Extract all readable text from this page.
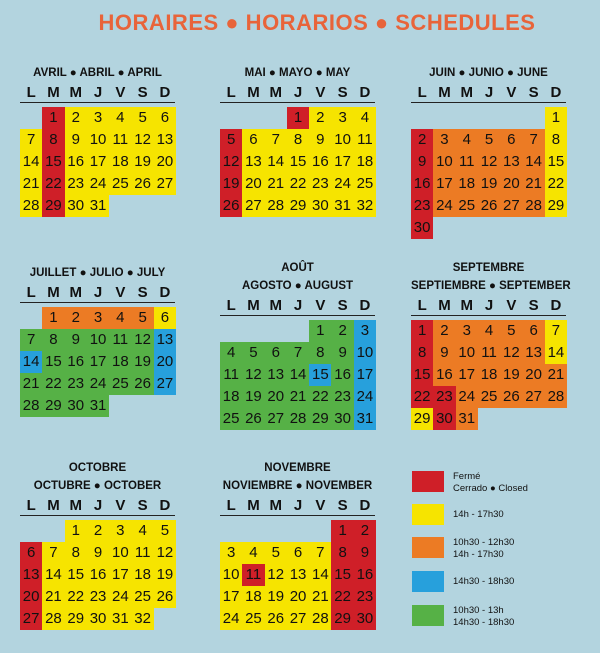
HORAIRES ● HORARIOS ● SCHEDULES
AVRIL ● ABRIL ● APRIL
L M M J V S D
1 2 3 4 5 6
7 8 9 10 11 12 13
14 15 16 17 18 19 20
21 22 23 24 25 26 27
28 29 30 31
MAI ● MAYO ● MAY
L M M J V S D
1 2 3 4
5 6 7 8 9 10 11
12 13 14 15 16 17 18
19 20 21 22 23 24 25
26 27 28 29 30 31 32
JUIN ● JUNIO ● JUNE
L M M J V S D
1
2 3 4 5 6 7 8
9 10 11 12 13 14 15
16 17 18 19 20 21 22
23 24 25 26 27 28 29
30
JUILLET ● JULIO ● JULY
L M M J V S D
1 2 3 4 5 6
7 8 9 10 11 12 13
14 15 16 17 18 19 20
21 22 23 24 25 26 27
28 29 30 31
AOÛT
AGOSTO ● AUGUST
L M M J V S D
1 2 3
4 5 6 7 8 9 10
11 12 13 14 15 16 17
18 19 20 21 22 23 24
25 26 27 28 29 30 31
SEPTEMBRE
SEPTIEMBRE ● SEPTEMBER
L M M J V S D
1 2 3 4 5 6 7
8 9 10 11 12 13 14
15 16 17 18 19 20 21
22 23 24 25 26 27 28
29 30 31
OCTOBRE
OCTUBRE ● OCTOBER
L M M J V S D
1 2 3 4 5
6 7 8 9 10 11 12
13 14 15 16 17 18 19
20 21 22 23 24 25 26
27 28 29 30 31 32
NOVEMBRE
NOVIEMBRE ● NOVEMBER
L M M J V S D
1 2
3 4 5 6 7 8 9
10 11 12 13 14 15 16
17 18 19 20 21 22 23
24 25 26 27 28 29 30
Fermé
Cerrado ● Closed
14h - 17h30
10h30 - 12h30
14h - 17h30
14h30 - 18h30
10h30 - 13h
14h30 - 18h30
